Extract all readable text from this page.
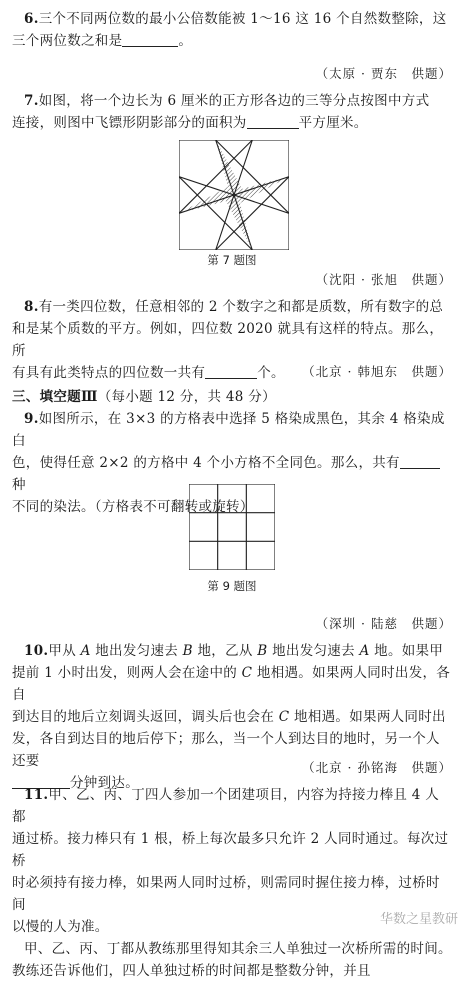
6.三个不同两位数的最小公倍数能被 1～16 这 16 个自然数整除，这
三个两位数之和是	。
（太原 · 贾东　供题）
7.如图，将一个边长为 6 厘米的正方形各边的三等分点按图中方式
连接，则图中飞镖形阴影部分的面积为	平方厘米。
第 7 题图
（沈阳 · 张旭　供题）
8.有一类四位数，任意相邻的 2 个数字之和都是质数，所有数字的总
和是某个质数的平方。例如，四位数 2020 就具有这样的特点。那么，所
有具有此类特点的四位数一共有	个。	（北京 · 韩旭东　供题）
三、填空题Ⅲ（每小题 12 分，共 48 分）
9.如图所示，在 3×3 的方格表中选择 5 格染成黑色，其余 4 格染成白
色，使得任意 2×2 的方格中 4 个小方格不全同色。那么，共有种
不同的染法。（方格表不可翻转或旋转）
第 9 题图
（深圳 · 陆慈　供题）
10.甲从 A 地出发匀速去 B 地，乙从 B 地出发匀速去 A 地。如果甲
提前 1 小时出发，则两人会在途中的 C 地相遇。如果两人同时出发，各自
到达目的地后立刻调头返回，调头后也会在 C 地相遇。如果两人同时出
发，各自到达目的地后停下；那么，当一个人到达目的地时，另一个人还要
分钟到达。
（北京 · 孙铭海　供题）
11.甲、乙、丙、丁四人参加一个团建项目，内容为持接力棒且 4 人都
通过桥。接力棒只有 1 根，桥上每次最多只允许 2 人同时通过。每次过桥
时必须持有接力棒，如果两人同时过桥，则需同时握住接力棒，过桥时间
以慢的人为准。
甲、乙、丙、丁都从教练那里得知其余三人单独过一次桥所需的时间。
教练还告诉他们，四人单独过桥的时间都是整数分钟，并且
华数之星教研
